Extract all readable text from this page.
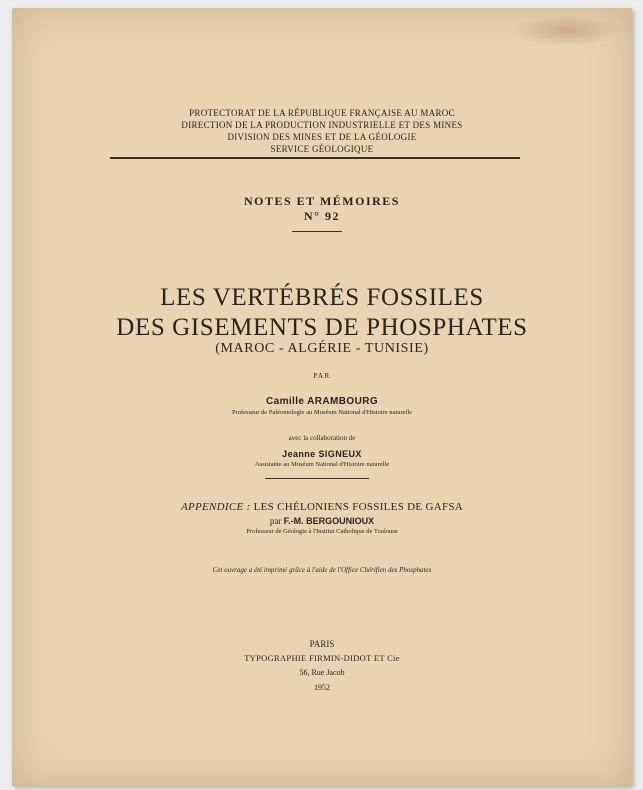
PROTECTORAT DE LA RÉPUBLIQUE FRANÇAISE AU MAROC
DIRECTION DE LA PRODUCTION INDUSTRIELLE ET DES MINES
DIVISION DES MINES ET DE LA GÉOLOGIE
SERVICE GÉOLOGIQUE
NOTES ET MÉMOIRES
N° 92
LES VERTÉBRÉS FOSSILES
DES GISEMENTS DE PHOSPHATES
(MAROC - ALGÉRIE - TUNISIE)
PAR
Camille ARAMBOURG
Professeur de Paléontologie au Muséum National d'Histoire naturelle
avec la collaboration de
Jeanne SIGNEUX
Assistante au Muséum National d'Histoire naturelle
APPENDICE : LES CHÉLONIENS FOSSILES DE GAFSA
par F.-M. BERGOUNIOUX
Professeur de Géologie à l'Institut Catholique de Toulouse
Cet ouvrage a été imprimé grâce à l'aide de l'Office Chérifien des Phosphates
PARIS
TYPOGRAPHIE FIRMIN-DIDOT ET Cie
56, Rue Jacob
1952
